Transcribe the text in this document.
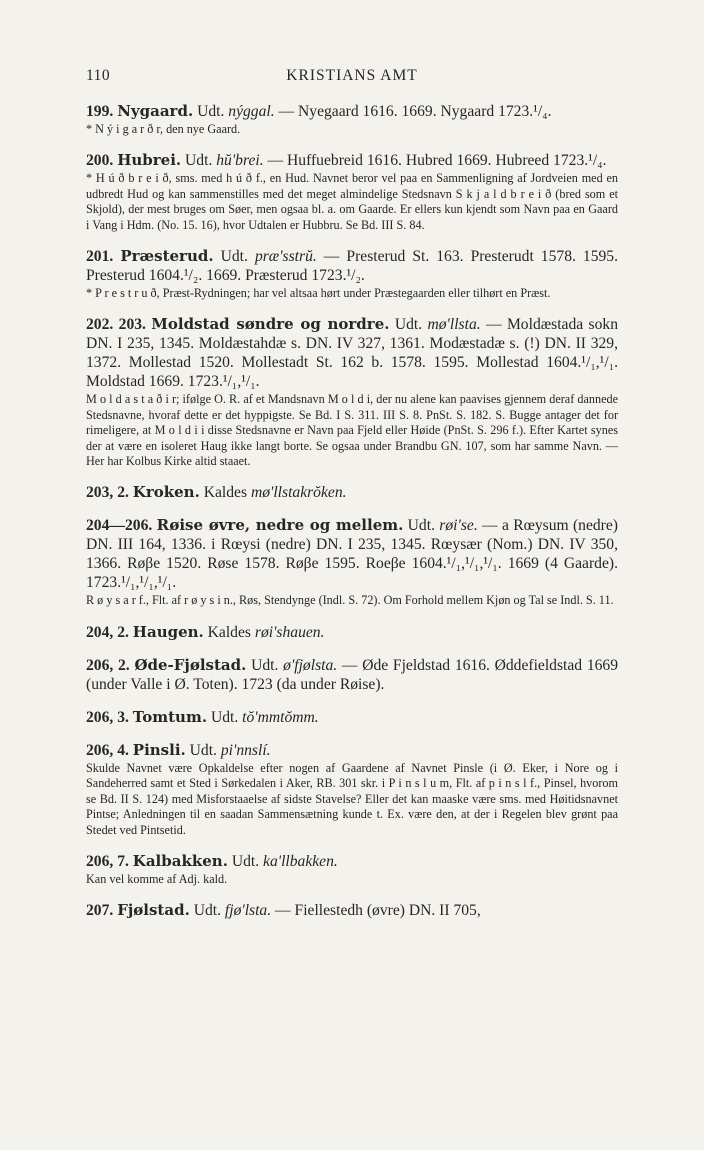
110	KRISTIANS AMT
199. Nygaard. Udt. nýggal. — Nyegaard 1616. 1669. Nygaard 1723.¹/₄.
* N ý i g a r ð r, den nye Gaard.
200. Hubrei. Udt. hŭ'brei. — Huffuebreid 1616. Hubred 1669. Hubreed 1723.¹/₄.
* H ú ð b r e i ð, sms. med h ú ð f., en Hud. Navnet beror vel paa en Sammenligning af Jordveien med en udbredt Hud og kan sammenstilles med det meget almindelige Stedsnavn S k j a l d b r e i ð (bred som et Skjold), der mest bruges om Søer, men ogsaa bl. a. om Gaarde. Er ellers kun kjendt som Navn paa en Gaard i Vang i Hdm. (No. 15. 16), hvor Udtalen er Hubbru. Se Bd. III S. 84.
201. Præsterud. Udt. præ'sstrŭ. — Presterud St. 163. Presterudt 1578. 1595. Presterud 1604.¹/₂. 1669. Præsterud 1723.¹/₂.
* P r e s t r u ð, Præst-Rydningen; har vel altsaa hørt under Præstegaarden eller tilhørt en Præst.
202. 203. Moldstad søndre og nordre. Udt. mø'llsta. — Moldæstada sokn DN. I 235, 1345. Moldæstahdæ s. DN. IV 327, 1361. Modæstadæ s. (!) DN. II 329, 1372. Mollestad 1520. Mollestadt St. 162 b. 1578. 1595. Mollestad 1604.¹/₁,¹/₁. Moldstad 1669. 1723.¹/₁,¹/₁.
M o l d a s t a ð i r; ifølge O. R. af et Mandsnavn M o l d i, der nu alene kan paavises gjennem deraf dannede Stedsnavne, hvoraf dette er det hyppigste. Se Bd. I S. 311. III S. 8. PnSt. S. 182. S. Bugge antager det for rimeligere, at M o l d i i disse Stedsnavne er Navn paa Fjeld eller Høide (PnSt. S. 296 f.). Efter Kartet synes der at være en isoleret Haug ikke langt borte. Se ogsaa under Brandbu GN. 107, som har samme Navn. — Her har Kolbus Kirke altid staaet.
203, 2. Kroken. Kaldes mø'llstakrŏken.
204—206. Røise øvre, nedre og mellem. Udt. røi'se. — a Rœysum (nedre) DN. III 164, 1336. i Rœysi (nedre) DN. I 235, 1345. Rœysær (Nom.) DN. IV 350, 1366. Røβe 1520. Røse 1578. Røβe 1595. Roeβe 1604.¹/₁,¹/₁,¹/₁. 1669 (4 Gaarde). 1723.¹/₁,¹/₁,¹/₁.
R ø y s a r f., Flt. af r ø y s i n., Røs, Stendynge (Indl. S. 72). Om Forhold mellem Kjøn og Tal se Indl. S. 11.
204, 2. Haugen. Kaldes røi'shauen.
206, 2. Øde-Fjølstad. Udt. ø'fjølsta. — Øde Fjeldstad 1616. Øddefieldstad 1669 (under Valle i Ø. Toten). 1723 (da under Røise).
206, 3. Tomtum. Udt. tŏ'mmtŏmm.
206, 4. Pinsli. Udt. pi'nnslí.
Skulde Navnet være Opkaldelse efter nogen af Gaardene af Navnet Pinsle (i Ø. Eker, i Nore og i Sandeherred samt et Sted i Sørkedalen i Aker, RB. 301 skr. i P i n s l u m, Flt. af p i n s l f., Pinsel, hvorom se Bd. II S. 124) med Misforstaaelse af sidste Stavelse? Eller det kan maaske være sms. med Høitidsnavnet Pintse; Anledningen til en saadan Sammensætning kunde t. Ex. være den, at der i Regelen blev grønt paa Stedet ved Pintsetid.
206, 7. Kalbakken. Udt. ka'llbakken.
Kan vel komme af Adj. kald.
207. Fjølstad. Udt. fjø'lsta. — Fiellestedh (øvre) DN. II 705,
